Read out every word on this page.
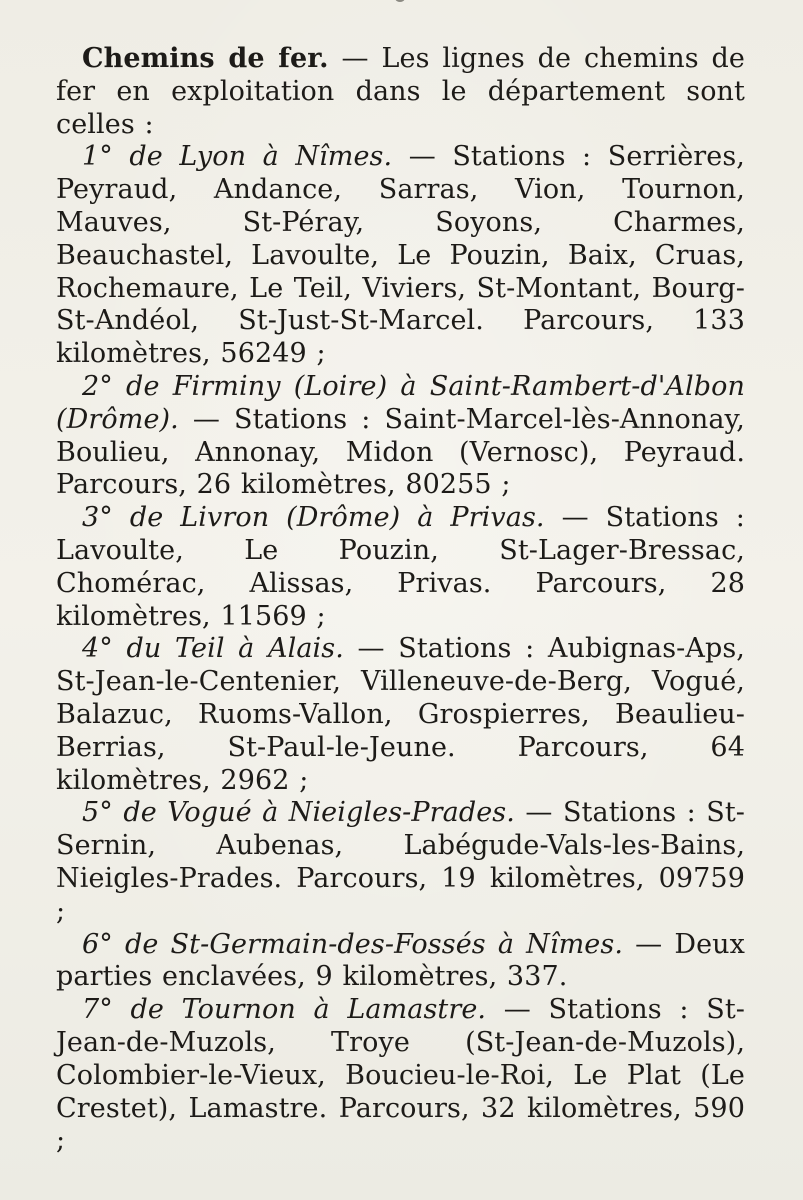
Chemins de fer. — Les lignes de chemins de fer en exploitation dans le département sont celles :

1° de Lyon à Nîmes. — Stations : Serrières, Peyraud, Andance, Sarras, Vion, Tournon, Mauves, St-Péray, Soyons, Charmes, Beauchastel, Lavoulte, Le Pouzin, Baix, Cruas, Rochemaure, Le Teil, Viviers, St-Montant, Bourg-St-Andéol, St-Just-St-Marcel. Parcours, 133 kilomètres, 56249 ;

2° de Firminy (Loire) à Saint-Rambert-d'Albon (Drôme). — Stations : Saint-Marcel-lès-Annonay, Boulieu, Annonay, Midon (Vernosc), Peyraud. Parcours, 26 kilomètres, 80255 ;

3° de Livron (Drôme) à Privas. — Stations : Lavoulte, Le Pouzin, St-Lager-Bressac, Chomérac, Alissas, Privas. Parcours, 28 kilomètres, 11569 ;

4° du Teil à Alais. — Stations : Aubignas-Aps, St-Jean-le-Centenier, Villeneuve-de-Berg, Vogué, Balazuc, Ruoms-Vallon, Grospierres, Beaulieu-Berrias, St-Paul-le-Jeune. Parcours, 64 kilomètres, 2962 ;

5° de Vogué à Nieigles-Prades. — Stations : St-Sernin, Aubenas, Labégude-Vals-les-Bains, Nieigles-Prades. Parcours, 19 kilomètres, 09759 ;

6° de St-Germain-des-Fossés à Nîmes. — Deux parties enclavées, 9 kilomètres, 337.

7° de Tournon à Lamastre. — Stations : St-Jean-de-Muzols, Troye (St-Jean-de-Muzols), Colombier-le-Vieux, Boucieu-le-Roi, Le Plat (Le Crestet), Lamastre. Parcours, 32 kilomètres, 590 ;
